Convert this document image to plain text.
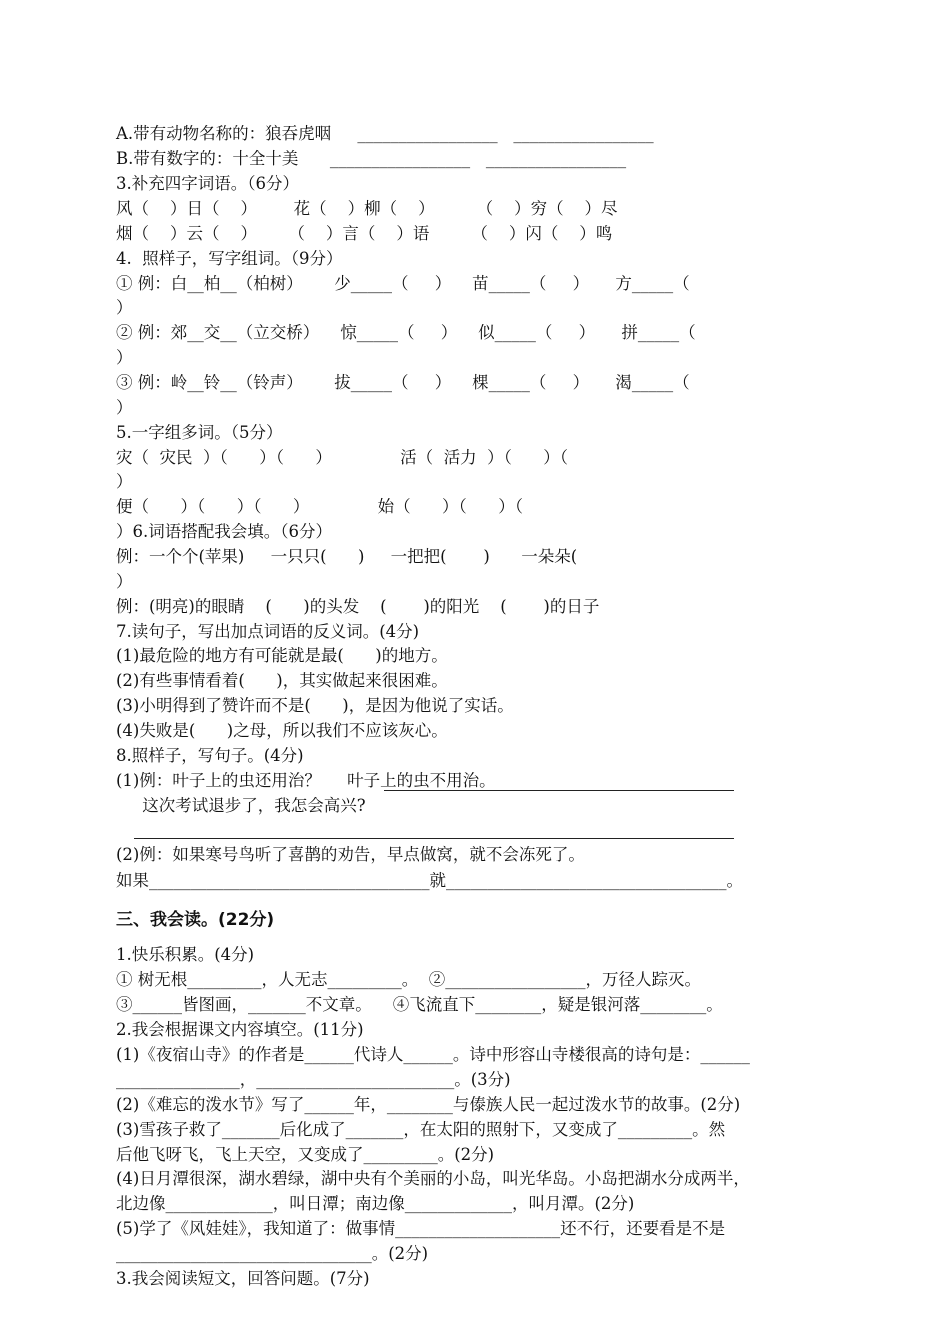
A.带有动物名称的：狼吞虎咽     _________________   _________________
B.带有数字的：十全十美      _________________   _________________
3.补充四字词语。（6分）
风（    ）日（    ）       花（    ）柳（    ）        （    ）穷（    ）尽
烟（    ）云（    ）      （    ）言（    ）语        （    ）闪（    ）鸣
4.  照样子，写字组词。（9分）
① 例：白__柏__（柏树）      少_____（     ）    苗_____（     ）     方_____（
）
② 例：郊__交__（立交桥）    惊_____（     ）    似_____（     ）     拼_____（
）
③ 例：岭__铃__（铃声）      拔_____（     ）    棵_____（     ）     渴_____（
）
5.一字组多词。（5分）
灾（  灾民  ）（      ）（      ）             活（  活力  ）（      ）（
）
便（      ）（      ）（      ）             始（      ）（      ）（
）6.词语搭配我会填。（6分）
例：一个个(苹果)     一只只(      )     一把把(       )      一朵朵(
）
例：(明亮)的眼睛    (      )的头发    (       )的阳光    (       )的日子
7.读句子，写出加点词语的反义词。(4分)
(1)最危险的地方有可能就是最(      )的地方。
(2)有些事情看着(      )，其实做起来很困难。
(3)小明得到了赞许而不是(      )，是因为他说了实话。
(4)失败是(      )之母，所以我们不应该灰心。
8.照样子，写句子。(4分)
(1)例：叶子上的虫还用治？     叶子上的虫不用治。
这次考试退步了，我怎会高兴?
(2)例：如果寒号鸟听了喜鹊的劝告，早点做窝，就不会冻死了。
如果__________________________________就__________________________________。
三、我会读。(22分)
1.快乐积累。(4分)
① 树无根_________，人无志_________。  ②_________________，万径人踪灭。
③______皆图画，_______不文章。    ④飞流直下________，疑是银河落________。
2.我会根据课文内容填空。(11分)
(1)《夜宿山寺》的作者是______代诗人______。诗中形容山寺楼很高的诗句是：______
_______________，________________________。(3分)
(2)《难忘的泼水节》写了______年，________与傣族人民一起过泼水节的故事。(2分)
(3)雪孩子救了_______后化成了_______，在太阳的照射下，又变成了_________。然
后他飞呀飞，飞上天空，又变成了_________。(2分)
(4)日月潭很深，湖水碧绿，湖中央有个美丽的小岛，叫光华岛。小岛把湖水分成两半，
北边像_____________，叫日潭；南边像_____________，叫月潭。(2分)
(5)学了《风娃娃》，我知道了：做事情____________________还不行，还要看是不是
_______________________________。(2分)
3.我会阅读短文，回答问题。(7分)
